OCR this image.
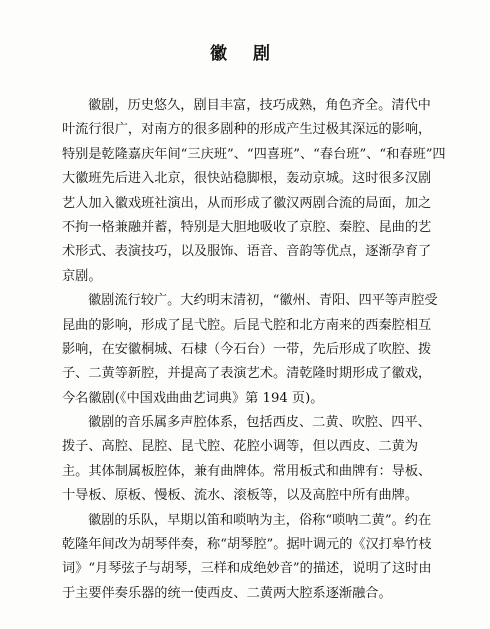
徽 剧
徽剧，历史悠久，剧目丰富，技巧成熟，角色齐全。清代中
叶流行很广，对南方的很多剧种的形成产生过极其深远的影响，
特别是乾隆嘉庆年间“三庆班”、“四喜班”、“春台班”、“和春班”四
大徽班先后进入北京，很快站稳脚根，轰动京城。这时很多汉剧
艺人加入徽戏班社演出，从而形成了徽汉两剧合流的局面，加之
不拘一格兼融并蓄，特别是大胆地吸收了京腔、秦腔、昆曲的艺
术形式、表演技巧，以及服饰、语音、音韵等优点，逐渐孕育了
京剧。
徽剧流行较广。大约明末清初，“徽州、青阳、四平等声腔受
昆曲的影响，形成了昆弋腔。后昆弋腔和北方南来的西秦腔相互
影响，在安徽桐城、石棣（今石台）一带，先后形成了吹腔、拨
子、二黄等新腔，并提高了表演艺术。清乾隆时期形成了徽戏，
今名徽剧(《中国戏曲曲艺词典》第 194 页)。
徽剧的音乐属多声腔体系，包括西皮、二黄、吹腔、四平、
拨子、高腔、昆腔、昆弋腔、花腔小调等，但以西皮、二黄为
主。其体制属板腔体，兼有曲牌体。常用板式和曲牌有：导板、
十导板、原板、慢板、流水、滚板等，以及高腔中所有曲牌。
徽剧的乐队，早期以笛和唢呐为主，俗称“唢呐二黄”。约在
乾隆年间改为胡琴伴奏，称“胡琴腔”。据叶调元的《汉打皋竹枝
词》“月琴弦子与胡琴，三样和成绝妙音”的描述，说明了这时由
于主要伴奏乐器的统一使西皮、二黄两大腔系逐渐融合。
